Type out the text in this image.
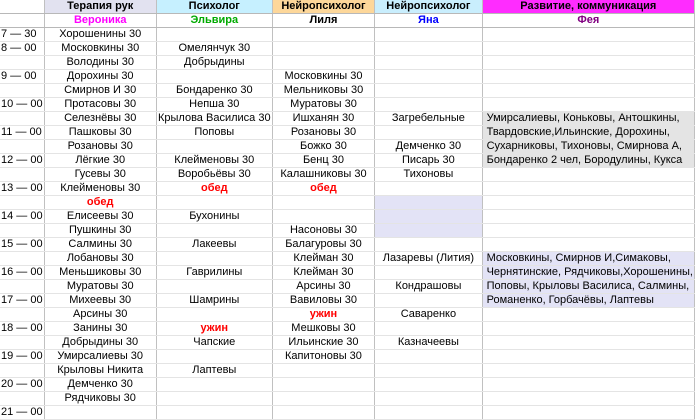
	Терапия рук	Психолог	Нейропсихолог	Нейропсихолог	Развитие, коммуникация
	Вероника	Эльвира	Лиля	Яна	Фея
7 — 30	Хорошенины 30				
8 — 00	Московкины 30	Омелянчук 30			
	Володины 30	Добрыдины			
9 — 00	Дорохины 30		Московкины 30		
	Смирнов И 30	Бондаренко 30	Мельниковы 30		
10 — 00	Протасовы 30	Непша 30	Муратовы 30		
	Селезнёвы 30	Крылова Василиса 30	Ишханян 30	Загребельные	Умирсалиевы, Коньковы, Антошкины,
11 — 00	Пашковы 30	Поповы	Розановы 30		Твардовские,Ильинские, Дорохины,
	Розановы 30		Божко 30	Демченко 30	Сухарниковы, Тихоновы, Смирнова А,
12 — 00	Лёгкие 30	Клейменовы 30	Бенц 30	Писарь 30	Бондаренко 2 чел, Бородулины, Кукса
	Гусевы 30	Воробьёвы 30	Калашниковы 30	Тихоновы	
13 — 00	Клейменовы 30	обед	обед		
	обед				
14 — 00	Елисеевы 30	Бухонины			
	Пушкины 30		Насоновы 30		
15 — 00	Салмины 30	Лакеевы	Балагуровы 30		
	Лобановы 30		Клейман 30	Лазаревы (Лития)	Московкины, Смирнов И,Симаковы,
16 — 00	Меньшиковы 30	Гаврилины	Клейман 30		Чернятинские, Рядчиковы,Хорошенины,
	Муратовы 30		Арсины 30	Кондрашовы	Поповы, Крыловы Василиса, Салмины,
17 — 00	Михеевы 30	Шамрины	Вавиловы 30		Романенко, Горбачёвы, Лаптевы
	Арсины 30		ужин	Саваренко	
18 — 00	Занины 30	ужин	Мешковы 30		
	Добрыдины 30	Чапские	Ильинские 30	Казначеевы	
19 — 00	Умирсалиевы 30		Капитоновы 30		
	Крыловы Никита	Лаптевы			
20 — 00	Демченко 30				
	Рядчиковы 30				
21 — 00					
